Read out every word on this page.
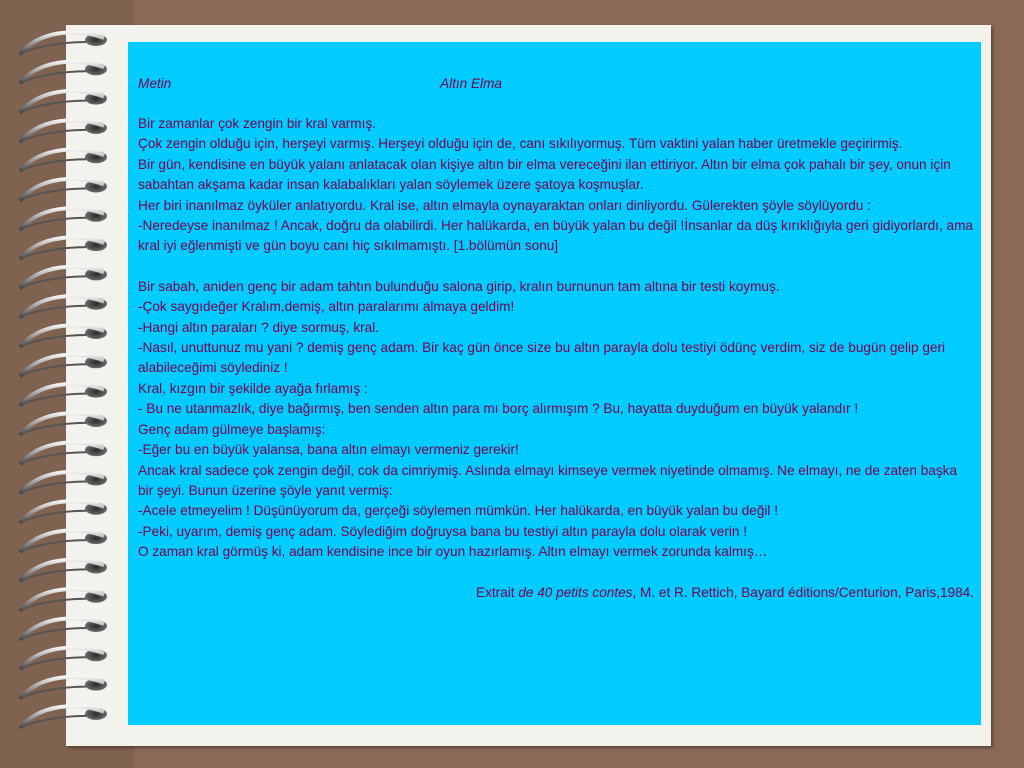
Metin	Altın Elma

Bir zamanlar çok zengin bir kral varmış.

Çok zengin olduğu için, herşeyi varmış. Herşeyi olduğu için de, canı sıkılıyormuş. Tüm vaktini yalan haber üretmekle geçirirmiş.

Bir gün, kendisine en büyük yalanı anlatacak olan kişiye altın bir elma vereceğini ilan ettiriyor. Altın bir elma çok pahalı bir şey, onun için sabahtan akşama kadar insan kalabalıkları yalan söylemek üzere şatoya koşmuşlar.

Her biri inanılmaz öyküler anlatıyordu. Kral ise, altın elmayla oynayaraktan onları dinliyordu. Gülerekten şöyle söylüyordu :

-Neredeyse inanılmaz ! Ancak, doğru da olabilirdi. Her halükarda, en büyük yalan bu değil !İnsanlar da düş kırıklığıyla geri gidiyorlardı, ama kral iyi eğlenmişti ve gün boyu canı hiç sıkılmamıştı. [1.bölümün sonu]

Bir sabah, aniden genç bir adam tahtın bulunduğu salona girip, kralın burnunun tam altına bir testi koymuş.

-Çok saygıdeğer Kralım,demiş, altın paralarımı almaya geldim!

-Hangi altın paraları ? diye sormuş, kral.

-Nasıl, unuttunuz mu yani ? demiş genç adam. Bir kaç gün önce size bu altın parayla dolu testiyi ödünç verdim, siz de bugün gelip geri alabileceğimi söylediniz !

Kral, kızgın bir şekilde ayağa fırlamış :

- Bu ne utanmazlık, diye bağırmış, ben senden altın para mı borç alırmışım ? Bu, hayatta duyduğum en büyük yalandır !

Genç adam gülmeye başlamış:

-Eğer bu en büyük yalansa, bana altın elmayı vermeniz gerekir!

Ancak kral sadece çok zengin değil, cok da cimriymiş. Aslında elmayı kimseye vermek niyetinde olmamış. Ne elmayı, ne de zaten başka bir şeyi. Bunun üzerine şöyle yanıt vermiş:

-Acele etmeyelim ! Düşünüyorum da, gerçeği söylemen mümkün. Her halükarda, en büyük yalan bu değil !

-Peki, uyarım, demiş genç adam. Söylediğim doğruysa bana bu testiyi altın parayla dolu olarak verin !

O zaman kral görmüş ki, adam kendisine ince bir oyun hazırlamış. Altın elmayı vermek zorunda kalmış…

Extrait de 40 petits contes, M. et R. Rettich, Bayard éditions/Centurion, Paris,1984.
